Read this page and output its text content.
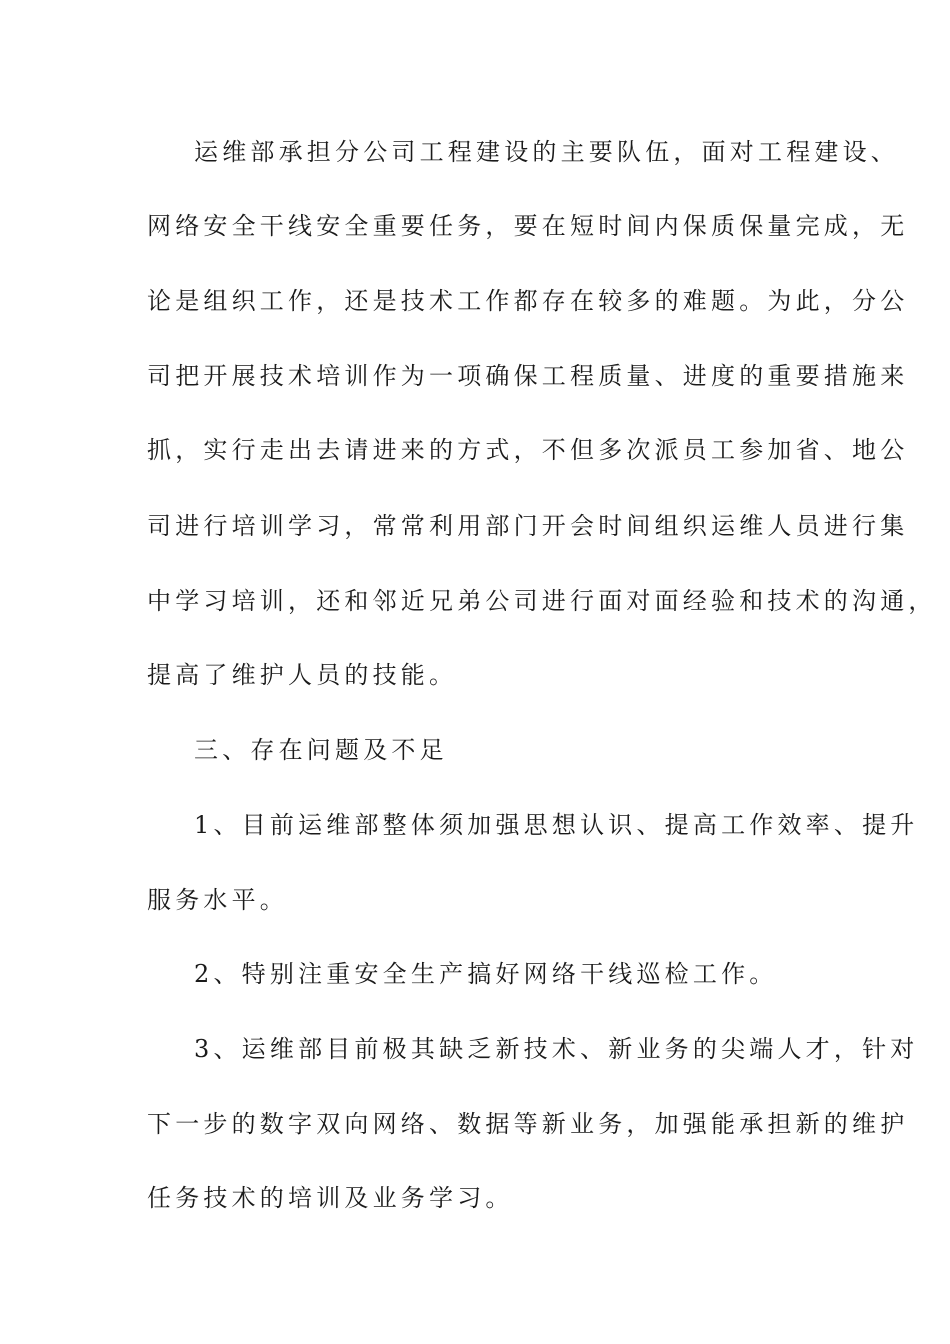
运维部承担分公司工程建设的主要队伍，面对工程建设、
网络安全干线安全重要任务，要在短时间内保质保量完成，无
论是组织工作，还是技术工作都存在较多的难题。为此，分公
司把开展技术培训作为一项确保工程质量、进度的重要措施来
抓，实行走出去请进来的方式，不但多次派员工参加省、地公
司进行培训学习，常常利用部门开会时间组织运维人员进行集
中学习培训，还和邻近兄弟公司进行面对面经验和技术的沟通，
提高了维护人员的技能。
三、存在问题及不足
1、目前运维部整体须加强思想认识、提高工作效率、提升
服务水平。
2、特别注重安全生产搞好网络干线巡检工作。
3、运维部目前极其缺乏新技术、新业务的尖端人才，针对
下一步的数字双向网络、数据等新业务，加强能承担新的维护
任务技术的培训及业务学习。
